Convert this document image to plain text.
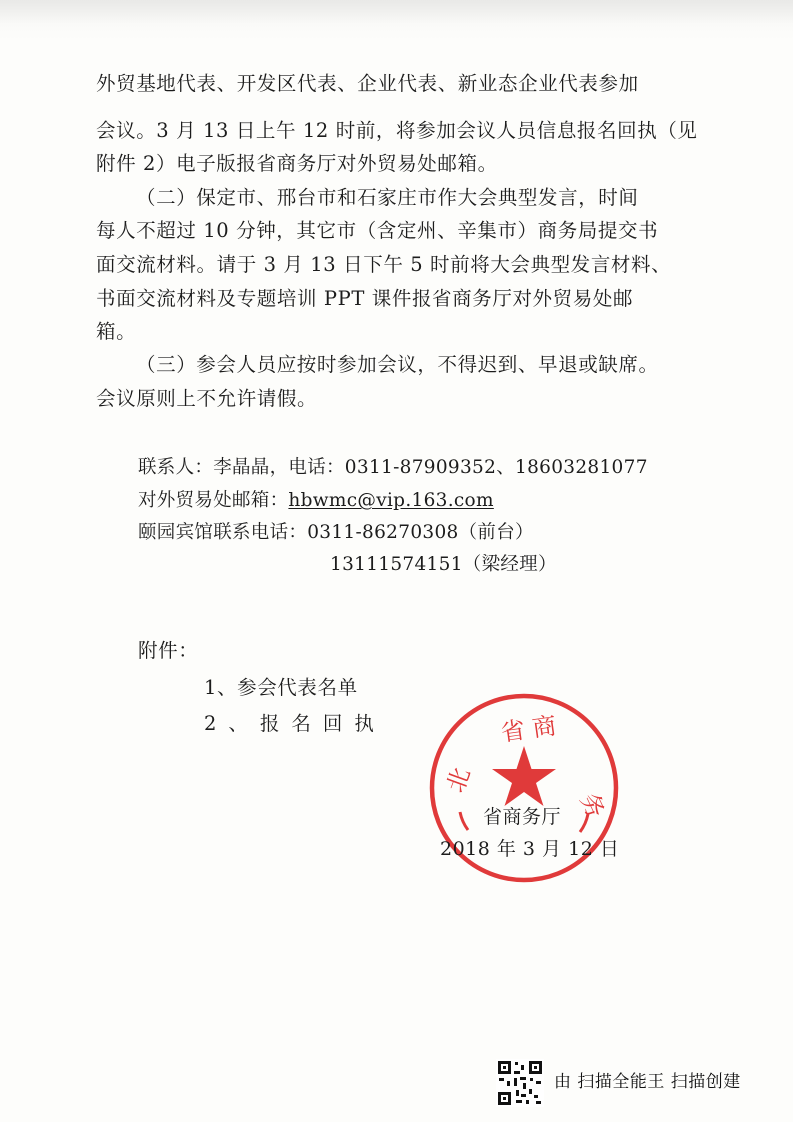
外贸基地代表、开发区代表、企业代表、新业态企业代表参加
会议。3 月 13 日上午 12 时前，将参加会议人员信息报名回执（见
附件 2）电子版报省商务厅对外贸易处邮箱。
（二）保定市、邢台市和石家庄市作大会典型发言，时间
每人不超过 10 分钟，其它市（含定州、辛集市）商务局提交书
面交流材料。请于 3 月 13 日下午 5 时前将大会典型发言材料、
书面交流材料及专题培训 PPT 课件报省商务厅对外贸易处邮
箱。
（三）参会人员应按时参加会议，不得迟到、早退或缺席。
会议原则上不允许请假。
联系人：李晶晶，电话：0311-87909352、18603281077
对外贸易处邮箱：hbwmc@vip.163.com
颐园宾馆联系电话：0311-86270308（前台）
13111574151（梁经理）
附件：
1、参会代表名单
2、报名回执
北
省 商
务
省商务厅
2018 年 3 月 12 日
由 扫描全能王 扫描创建
